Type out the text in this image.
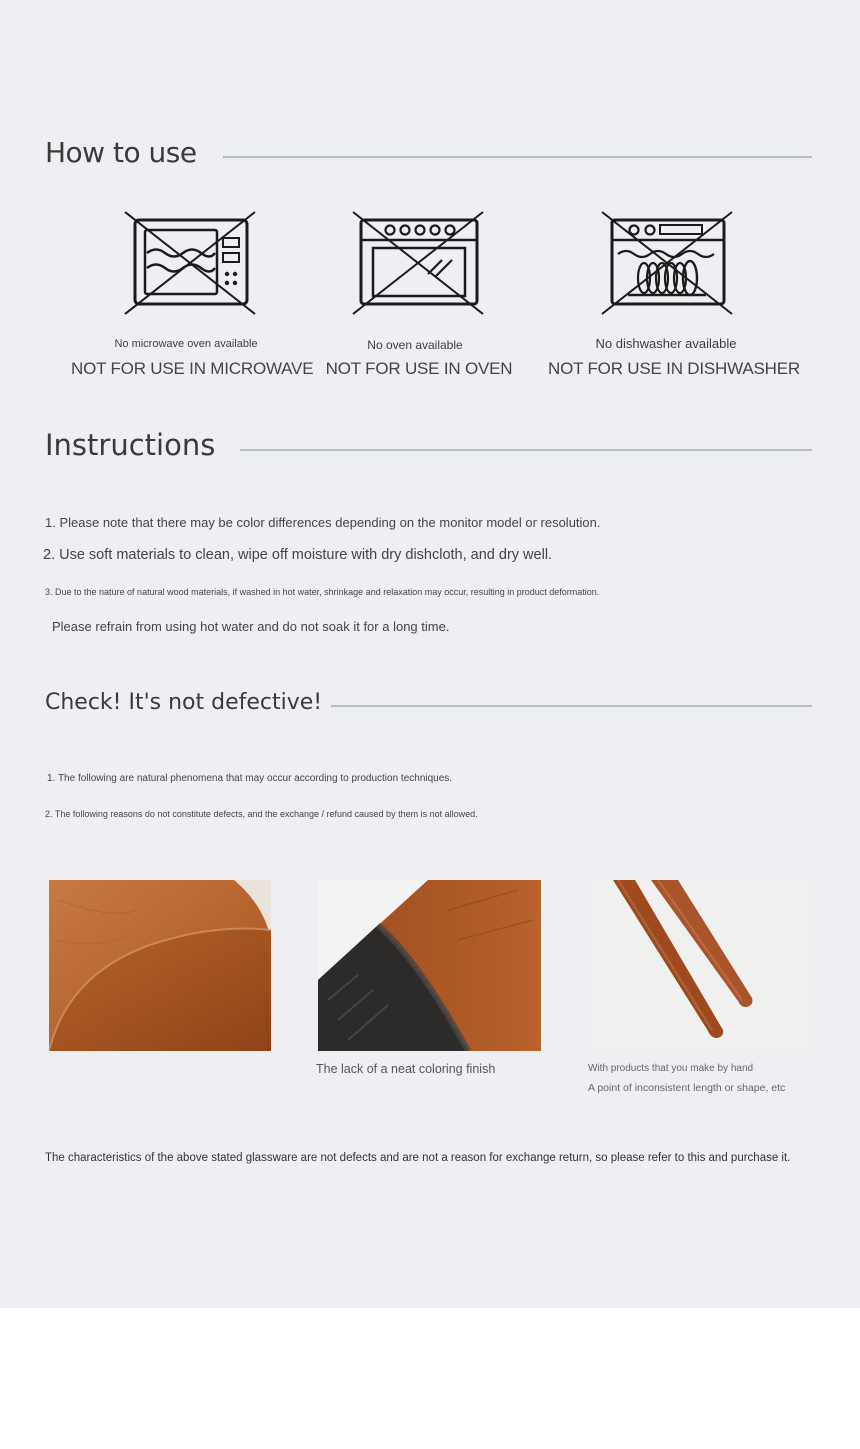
How to use
No microwave oven available
NOT FOR USE IN MICROWAVE
No oven available
NOT FOR USE IN OVEN
No dishwasher available
NOT FOR USE IN DISHWASHER
Instructions
1. Please note that there may be color differences depending on the monitor model or resolution.
2. Use soft materials to clean, wipe off moisture with dry dishcloth, and dry well.
3. Due to the nature of natural wood materials, if washed in hot water, shrinkage and relaxation may occur, resulting in product deformation.
Please refrain from using hot water and do not soak it for a long time.
Check! It's not defective!
1. The following are natural phenomena that may occur according to production techniques.
2. The following reasons do not constitute defects, and the exchange / refund caused by them is not allowed.
The lack of a neat coloring finish	With products that you make by hand
A point of inconsistent length or shape, etc
The characteristics of the above stated glassware are not defects and are not a reason for exchange return, so please refer to this and purchase it.
